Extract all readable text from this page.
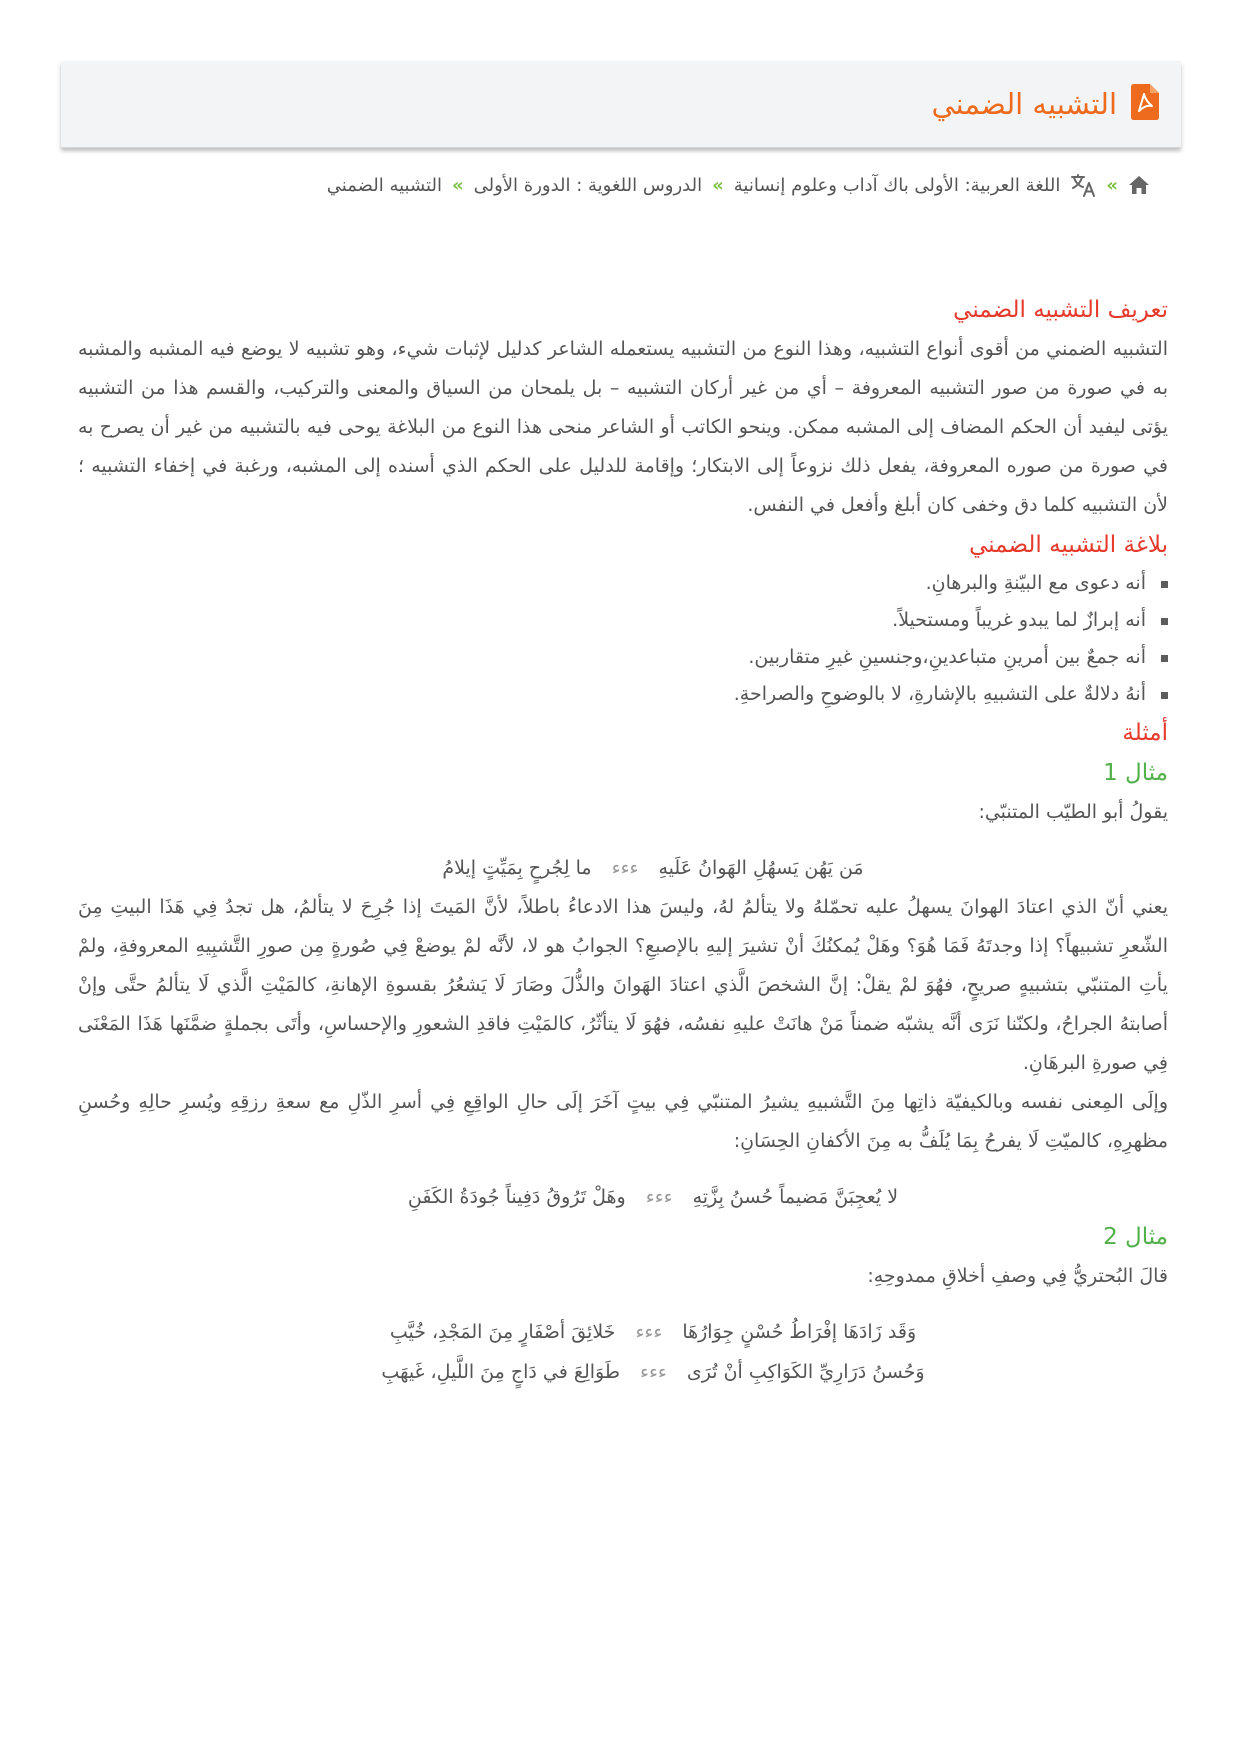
التشبيه الضمني
»
اللغة العربية: الأولى باك آداب وعلوم إنسانية
»
الدروس اللغوية : الدورة الأولى
»
التشبيه الضمني
تعريف التشبيه الضمني

التشبيه الضمني من أقوى أنواع التشبيه، وهذا النوع من التشبيه يستعمله الشاعر كدليل لإثبات شيء، وهو تشبيه لا يوضع فيه المشبه والمشبه به في صورة من صور التشبيه المعروفة – أي من غير أركان التشبيه – بل يلمحان من السياق والمعنى والتركيب، والقسم هذا من التشبيه يؤتى ليفيد أن الحكم المضاف إلى المشبه ممكن. وينحو الكاتب أو الشاعر منحى هذا النوع من البلاغة يوحى فيه بالتشبيه من غير أن يصرح به في صورة من صوره المعروفة، يفعل ذلك نزوعاً إلى الابتكار؛ وإقامة للدليل على الحكم الذي أسنده إلى المشبه، ورغبة في إخفاء التشبيه ؛ لأن التشبيه كلما دق وخفى كان أبلغ وأفعل في النفس.

بلاغة التشبيه الضمني
أنه دعوى مع البيّنةِ والبرهانِ.
أنه إبرازٌ لما يبدو غريباً ومستحيلاً.
أنه جمعٌ بين أمرينِ متباعدينِ،وجنسينِ غيرِ متقاربين.
أنهُ دلالةٌ على التشبيهِ بالإشارةِ، لا بالوضوحِ والصراحةِ.
أمثلة
مثال 1

يقولُ أبو الطيّب المتنبّي:

مَن يَهُن يَسهُلِ الهَوانُ عَلَيهِ ءءء ما لِجُرحٍ بِمَيِّتٍ إيلامُ

يعني أنّ الذي اعتادَ الهوانَ يسهلُ عليه تحمّلهُ ولا يتألمُ لهُ، وليسَ هذا الادعاءُ باطلاً، لأنَّ المَيتَ إذا جُرِحَ لا يتألمُ، هل تجدُ فِي هَذَا البيتِ مِنَ الشّعرِ تشبيهاً؟ إذا وجدتَهُ فَمَا هُوَ؟ وهَلْ يُمكنُكَ أنْ تشيرَ إليهِ بالإصبعِ؟ الجوابُ هو لا، لأنَّه لمْ يوضعْ فِي صُورةٍ مِن صورِ التَّشبِيهِ المعروفةِ، ولمْ يأتِ المتنبّي بتشبيهٍ صريحٍ، فهُوَ لمْ يقلْ: إنَّ الشخصَ الَّذي اعتادَ الهَوانَ والذُّلَ وصَارَ لَا يَشعُرُ بقسوةِ الإهانةِ، كالمَيْتِ الَّذي لَا يتألمُ حتَّى وإنْ أصابتهُ الجراحُ، ولكنّنا نَرَى أنَّه يشبّه ضمناً مَنْ هانَتْ عليهِ نفسُه، فهُوَ لَا يتأثّرُ، كالمَيْتِ فاقدِ الشعورِ والإحساسِ، وأتَى بجملةٍ ضمَّنَها هَذَا المَعْنَى فِي صورةِ البرهَانِ.

وإلَى المِعنى نفسه وبالكيفيّة ذاتِها مِنَ التَّشبيهِ يشيرُ المتنبّي فِي بيتٍ آخَرَ إلَى حالِ الواقِعِ فِي أسرِ الذّلِ مع سعةِ رزقِهِ ويُسرِ حالِهِ وحُسنِ مظهرِهِ، كالميّتِ لَا يفرحُ بِمَا يُلَفُّ به مِنَ الأكفانِ الحِسَانِ:

لا يُعجِبَنَّ مَضيماً حُسنُ بِزَّتِهِ ءءء وهَلْ تَرُوقُ دَفِيناً جُودَةُ الكَفَنِ

مثال 2

قالَ البُحتريُّ فِي وصفِ أخلاقِ ممدوحِهِ:

وَقَد زَادَهَا إفْرَاطُ حُسْنٍ جِوَارُهَا ءءء خَلائِقَ أصْفَارٍ مِنَ المَجْدِ، خُيَّبِ

وَحُسنُ دَرَارِيِّ الكَوَاكِبِ أنْ تُرَى ءءء طَوَالِعَ في دَاجٍ مِنَ اللَّيلِ، غَيهَبِ
